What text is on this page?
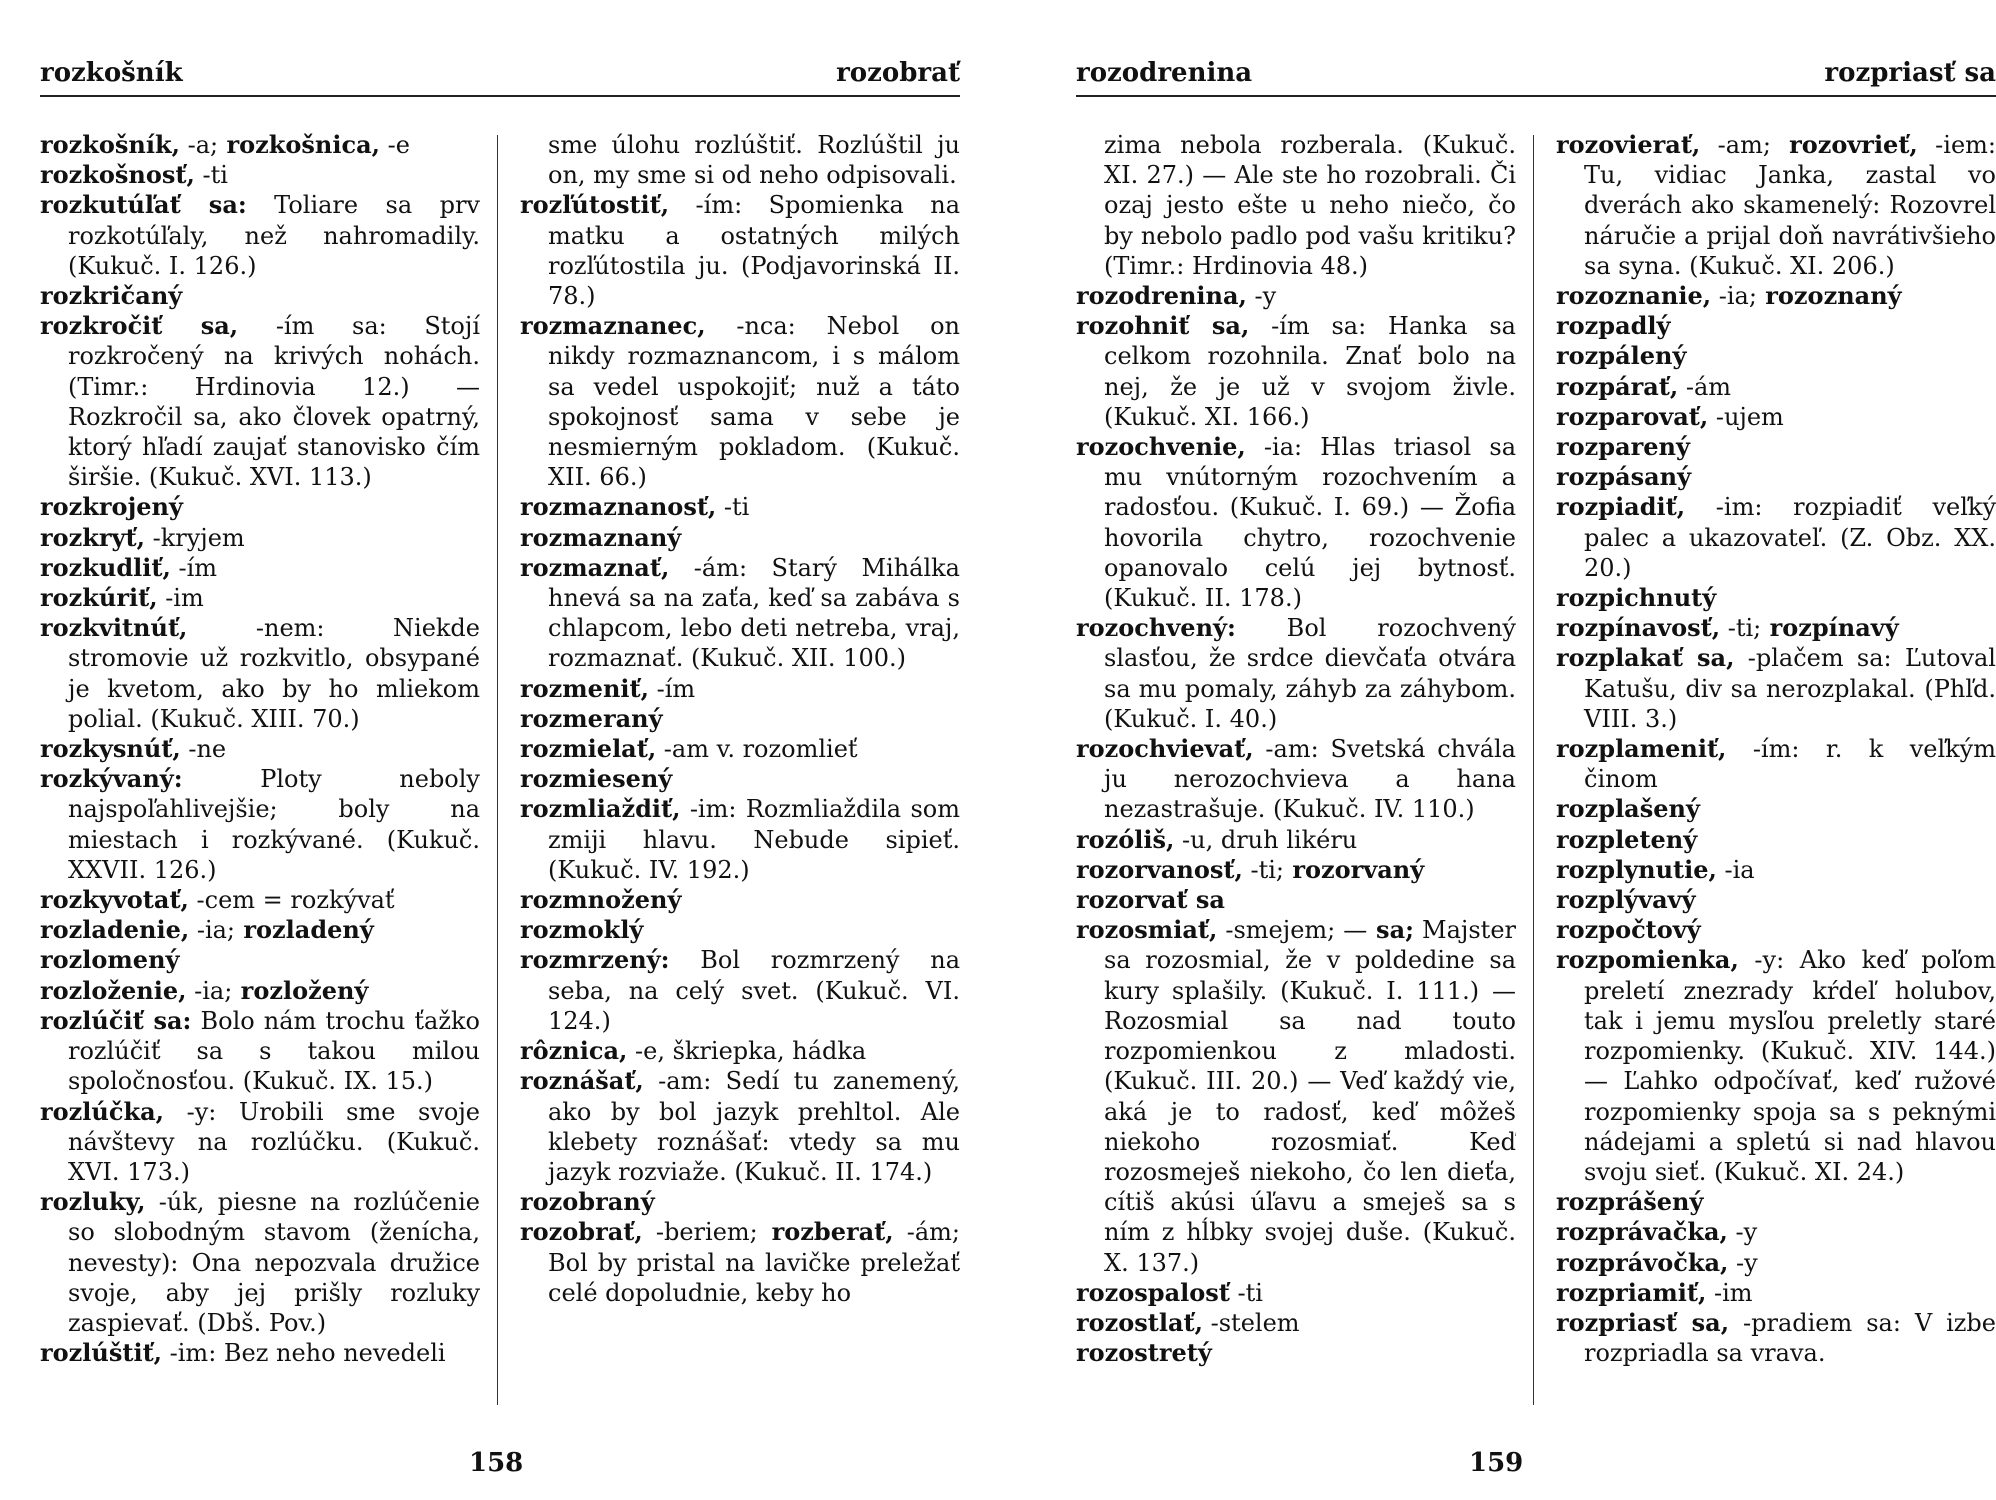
rozkošník	rozobrať

rozkošník, -a; rozkošnica, -e

rozkošnosť, -ti

rozkutúľať sa: Toliare sa prv rozkotúľaly, než nahromadily. (Kukuč. I. 126.)

rozkričaný

rozkročiť sa, -ím sa: Stojí rozkročený na krivých nohách. (Timr.: Hrdinovia 12.) — Rozkročil sa, ako človek opatrný, ktorý hľadí zaujať stanovisko čím širšie. (Kukuč. XVI. 113.)

rozkrojený

rozkryť, -kryjem

rozkudliť, -ím

rozkúriť, -im

rozkvitnúť, -nem: Niekde stromovie už rozkvitlo, obsypané je kvetom, ako by ho mliekom polial. (Kukuč. XIII. 70.)

rozkysnúť, -ne

rozkývaný: Ploty neboly najspoľahlivejšie; boly na miestach i rozkývané. (Kukuč. XXVII. 126.)

rozkyvotať, -cem = rozkývať

rozladenie, -ia; rozladený

rozlomený

rozloženie, -ia; rozložený

rozlúčiť sa: Bolo nám trochu ťažko rozlúčiť sa s takou milou spoločnosťou. (Kukuč. IX. 15.)

rozlúčka, -y: Urobili sme svoje návštevy na rozlúčku. (Kukuč. XVI. 173.)

rozluky, -úk, piesne na rozlúčenie so slobodným stavom (ženícha, nevesty): Ona nepozvala družice svoje, aby jej prišly rozluky zaspievať. (Dbš. Pov.)

rozlúštiť, -im: Bez neho nevedeli

sme úlohu rozlúštiť. Rozlúštil ju on, my sme si od neho odpisovali.

rozľútostiť, -ím: Spomienka na matku a ostatných milých rozľútostila ju. (Podjavorinská II. 78.)

rozmaznanec, -nca: Nebol on nikdy rozmaznancom, i s málom sa vedel uspokojiť; nuž a táto spokojnosť sama v sebe je nesmierným pokladom. (Kukuč. XII. 66.)

rozmaznanosť, -ti

rozmaznaný

rozmaznať, -ám: Starý Mihálka hnevá sa na zaťa, keď sa zabáva s chlapcom, lebo deti netreba, vraj, rozmaznať. (Kukuč. XII. 100.)

rozmeniť, -ím

rozmeraný

rozmielať, -am v. rozomlieť

rozmiesený

rozmliaždiť, -im: Rozmliaždila som zmiji hlavu. Nebude sipieť. (Kukuč. IV. 192.)

rozmnožený

rozmoklý

rozmrzený: Bol rozmrzený na seba, na celý svet. (Kukuč. VI. 124.)

rôznica, -e, škriepka, hádka

roznášať, -am: Sedí tu zanemený, ako by bol jazyk prehltol. Ale klebety roznášať: vtedy sa mu jazyk rozviaže. (Kukuč. II. 174.)

rozobraný

rozobrať, -beriem; rozberať, -ám; Bol by pristal na lavičke preležať celé dopoludnie, keby ho

158
rozodrenina	rozpriasť sa

zima nebola rozberala. (Kukuč. XI. 27.) — Ale ste ho rozobrali. Či ozaj jesto ešte u neho niečo, čo by nebolo padlo pod vašu kritiku? (Timr.: Hrdinovia 48.)

rozodrenina, -y

rozohniť sa, -ím sa: Hanka sa celkom rozohnila. Znať bolo na nej, že je už v svojom živle. (Kukuč. XI. 166.)

rozochvenie, -ia: Hlas triasol sa mu vnútorným rozochvením a radosťou. (Kukuč. I. 69.) — Žofia hovorila chytro, rozochvenie opanovalo celú jej bytnosť. (Kukuč. II. 178.)

rozochvený: Bol rozochvený slasťou, že srdce dievčaťa otvára sa mu pomaly, záhyb za záhybom. (Kukuč. I. 40.)

rozochvievať, -am: Svetská chvála ju nerozochvieva a hana nezastrašuje. (Kukuč. IV. 110.)

rozóliš, -u, druh likéru

rozorvanosť, -ti; rozorvaný

rozorvať sa

rozosmiať, -smejem; — sa; Majster sa rozosmial, že v poldedine sa kury splašily. (Kukuč. I. 111.) — Rozosmial sa nad touto rozpomienkou z mladosti. (Kukuč. III. 20.) — Veď každý vie, aká je to radosť, keď môžeš niekoho rozosmiať. Keď rozosmeješ niekoho, čo len dieťa, cítiš akúsi úľavu a smeješ sa s ním z hĺbky svojej duše. (Kukuč. X. 137.)

rozospalosť -ti

rozostlať, -stelem

rozostretý

rozovierať, -am; rozovrieť, -iem: Tu, vidiac Janka, zastal vo dverách ako skamenelý: Rozovrel náručie a prijal doň navrátivšieho sa syna. (Kukuč. XI. 206.)

rozoznanie, -ia; rozoznaný

rozpadlý

rozpálený

rozpárať, -ám

rozparovať, -ujem

rozparený

rozpásaný

rozpiadiť, -im: rozpiadiť veľký palec a ukazovateľ. (Z. Obz. XX. 20.)

rozpichnutý

rozpínavosť, -ti; rozpínavý

rozplakať sa, -plačem sa: Ľutoval Katušu, div sa nerozplakal. (Phľd. VIII. 3.)

rozplameniť, -ím: r. k veľkým činom

rozplašený

rozpletený

rozplynutie, -ia

rozplývavý

rozpočtový

rozpomienka, -y: Ako keď poľom preletí znezrady kŕdeľ holubov, tak i jemu mysľou preletly staré rozpomienky. (Kukuč. XIV. 144.) — Ľahko odpočívať, keď ružové rozpomienky spoja sa s peknými nádejami a spletú si nad hlavou svoju sieť. (Kukuč. XI. 24.)

rozprášený

rozprávačka, -y

rozprávočka, -y

rozpriamiť, -im

rozpriasť sa, -pradiem sa: V izbe rozpriadla sa vrava.

159
